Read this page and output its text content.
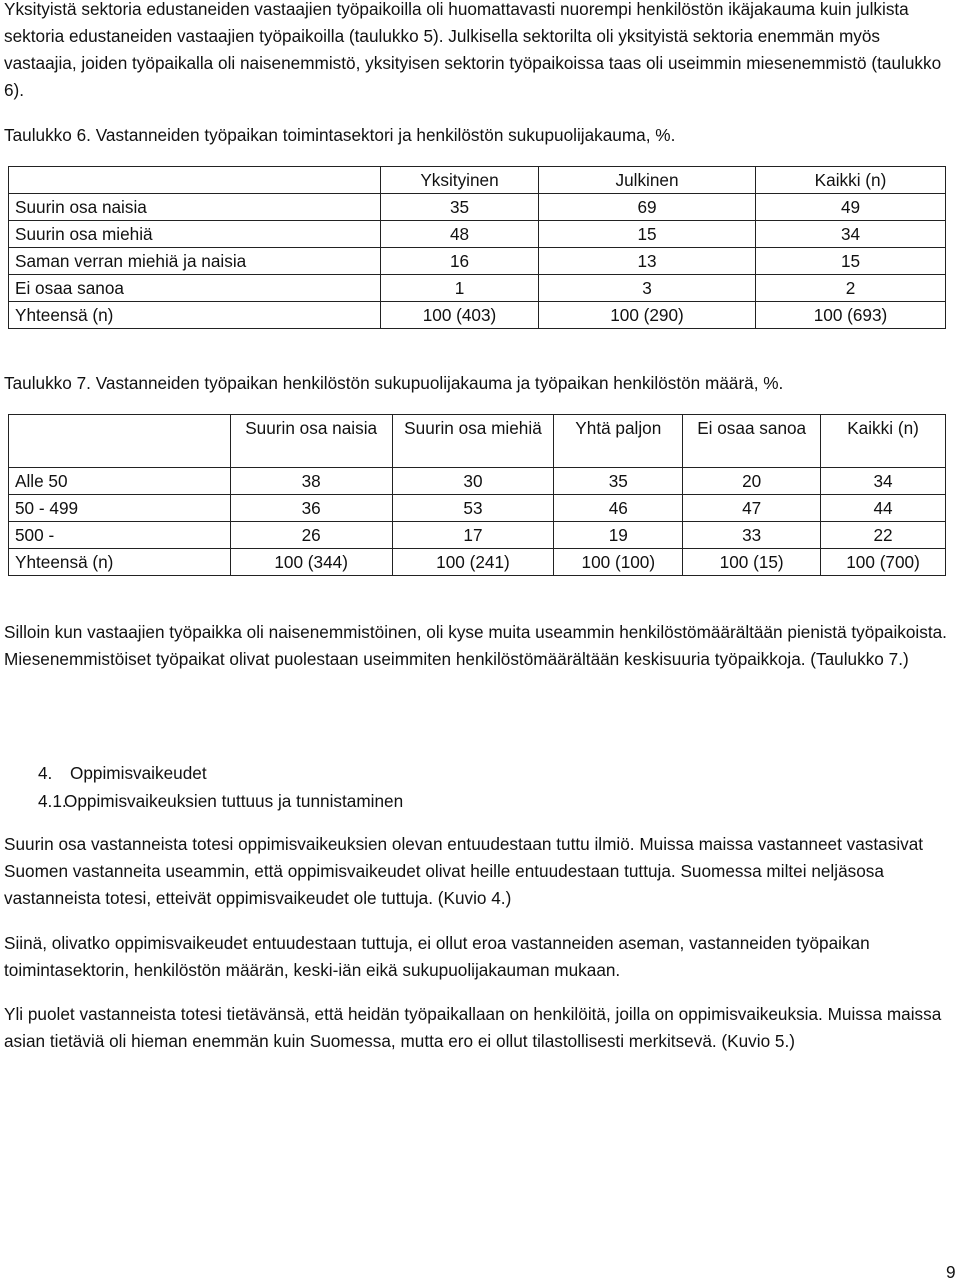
Yksityistä sektoria edustaneiden vastaajien työpaikoilla oli huomattavasti nuorempi henkilöstön ikäjakauma kuin julkista sektoria edustaneiden vastaajien työpaikoilla (taulukko 5). Julkisella sektorilta oli yksityistä sektoria enemmän myös vastaajia, joiden työpaikalla oli naisenemmistö, yksityisen sektorin työpaikoissa taas oli useimmin miesenemmistö (taulukko 6).

Taulukko 6. Vastanneiden työpaikan toimintasektori ja henkilöstön sukupuolijakauma, %.

	Yksityinen	Julkinen	Kaikki (n)
Suurin osa naisia	35	69	49
Suurin osa miehiä	48	15	34
Saman verran miehiä ja naisia	16	13	15
Ei osaa sanoa	1	3	2
Yhteensä (n)	100 (403)	100 (290)	100 (693)

Taulukko 7. Vastanneiden työpaikan henkilöstön sukupuolijakauma ja työpaikan henkilöstön määrä, %.

	Suurin osa naisia	Suurin osa miehiä	Yhtä paljon	Ei osaa sanoa	Kaikki (n)
Alle 50	38	30	35	20	34
50 - 499	36	53	46	47	44
500 -	26	17	19	33	22
Yhteensä (n)	100 (344)	100 (241)	100 (100)	100 (15)	100 (700)

Silloin kun vastaajien työpaikka oli naisenemmistöinen, oli kyse muita useammin henkilöstömäärältään pienistä työpaikoista. Miesenemmistöiset työpaikat olivat puolestaan useimmiten henkilöstömäärältään keskisuuria työpaikkoja. (Taulukko 7.)

4. Oppimisvaikeudet

4.1.Oppimisvaikeuksien tuttuus ja tunnistaminen

Suurin osa vastanneista totesi oppimisvaikeuksien olevan entuudestaan tuttu ilmiö. Muissa maissa vastanneet vastasivat Suomen vastanneita useammin, että oppimisvaikeudet olivat heille entuudestaan tuttuja. Suomessa miltei neljäsosa vastanneista totesi, etteivät oppimisvaikeudet ole tuttuja. (Kuvio 4.)

Siinä, olivatko oppimisvaikeudet entuudestaan tuttuja, ei ollut eroa vastanneiden aseman, vastanneiden työpaikan toimintasektorin, henkilöstön määrän, keski-iän eikä sukupuolijakauman mukaan.

Yli puolet vastanneista totesi tietävänsä, että heidän työpaikallaan on henkilöitä, joilla on oppimisvaikeuksia. Muissa maissa asian tietäviä oli hieman enemmän kuin Suomessa, mutta ero ei ollut tilastollisesti merkitsevä. (Kuvio 5.)

9
